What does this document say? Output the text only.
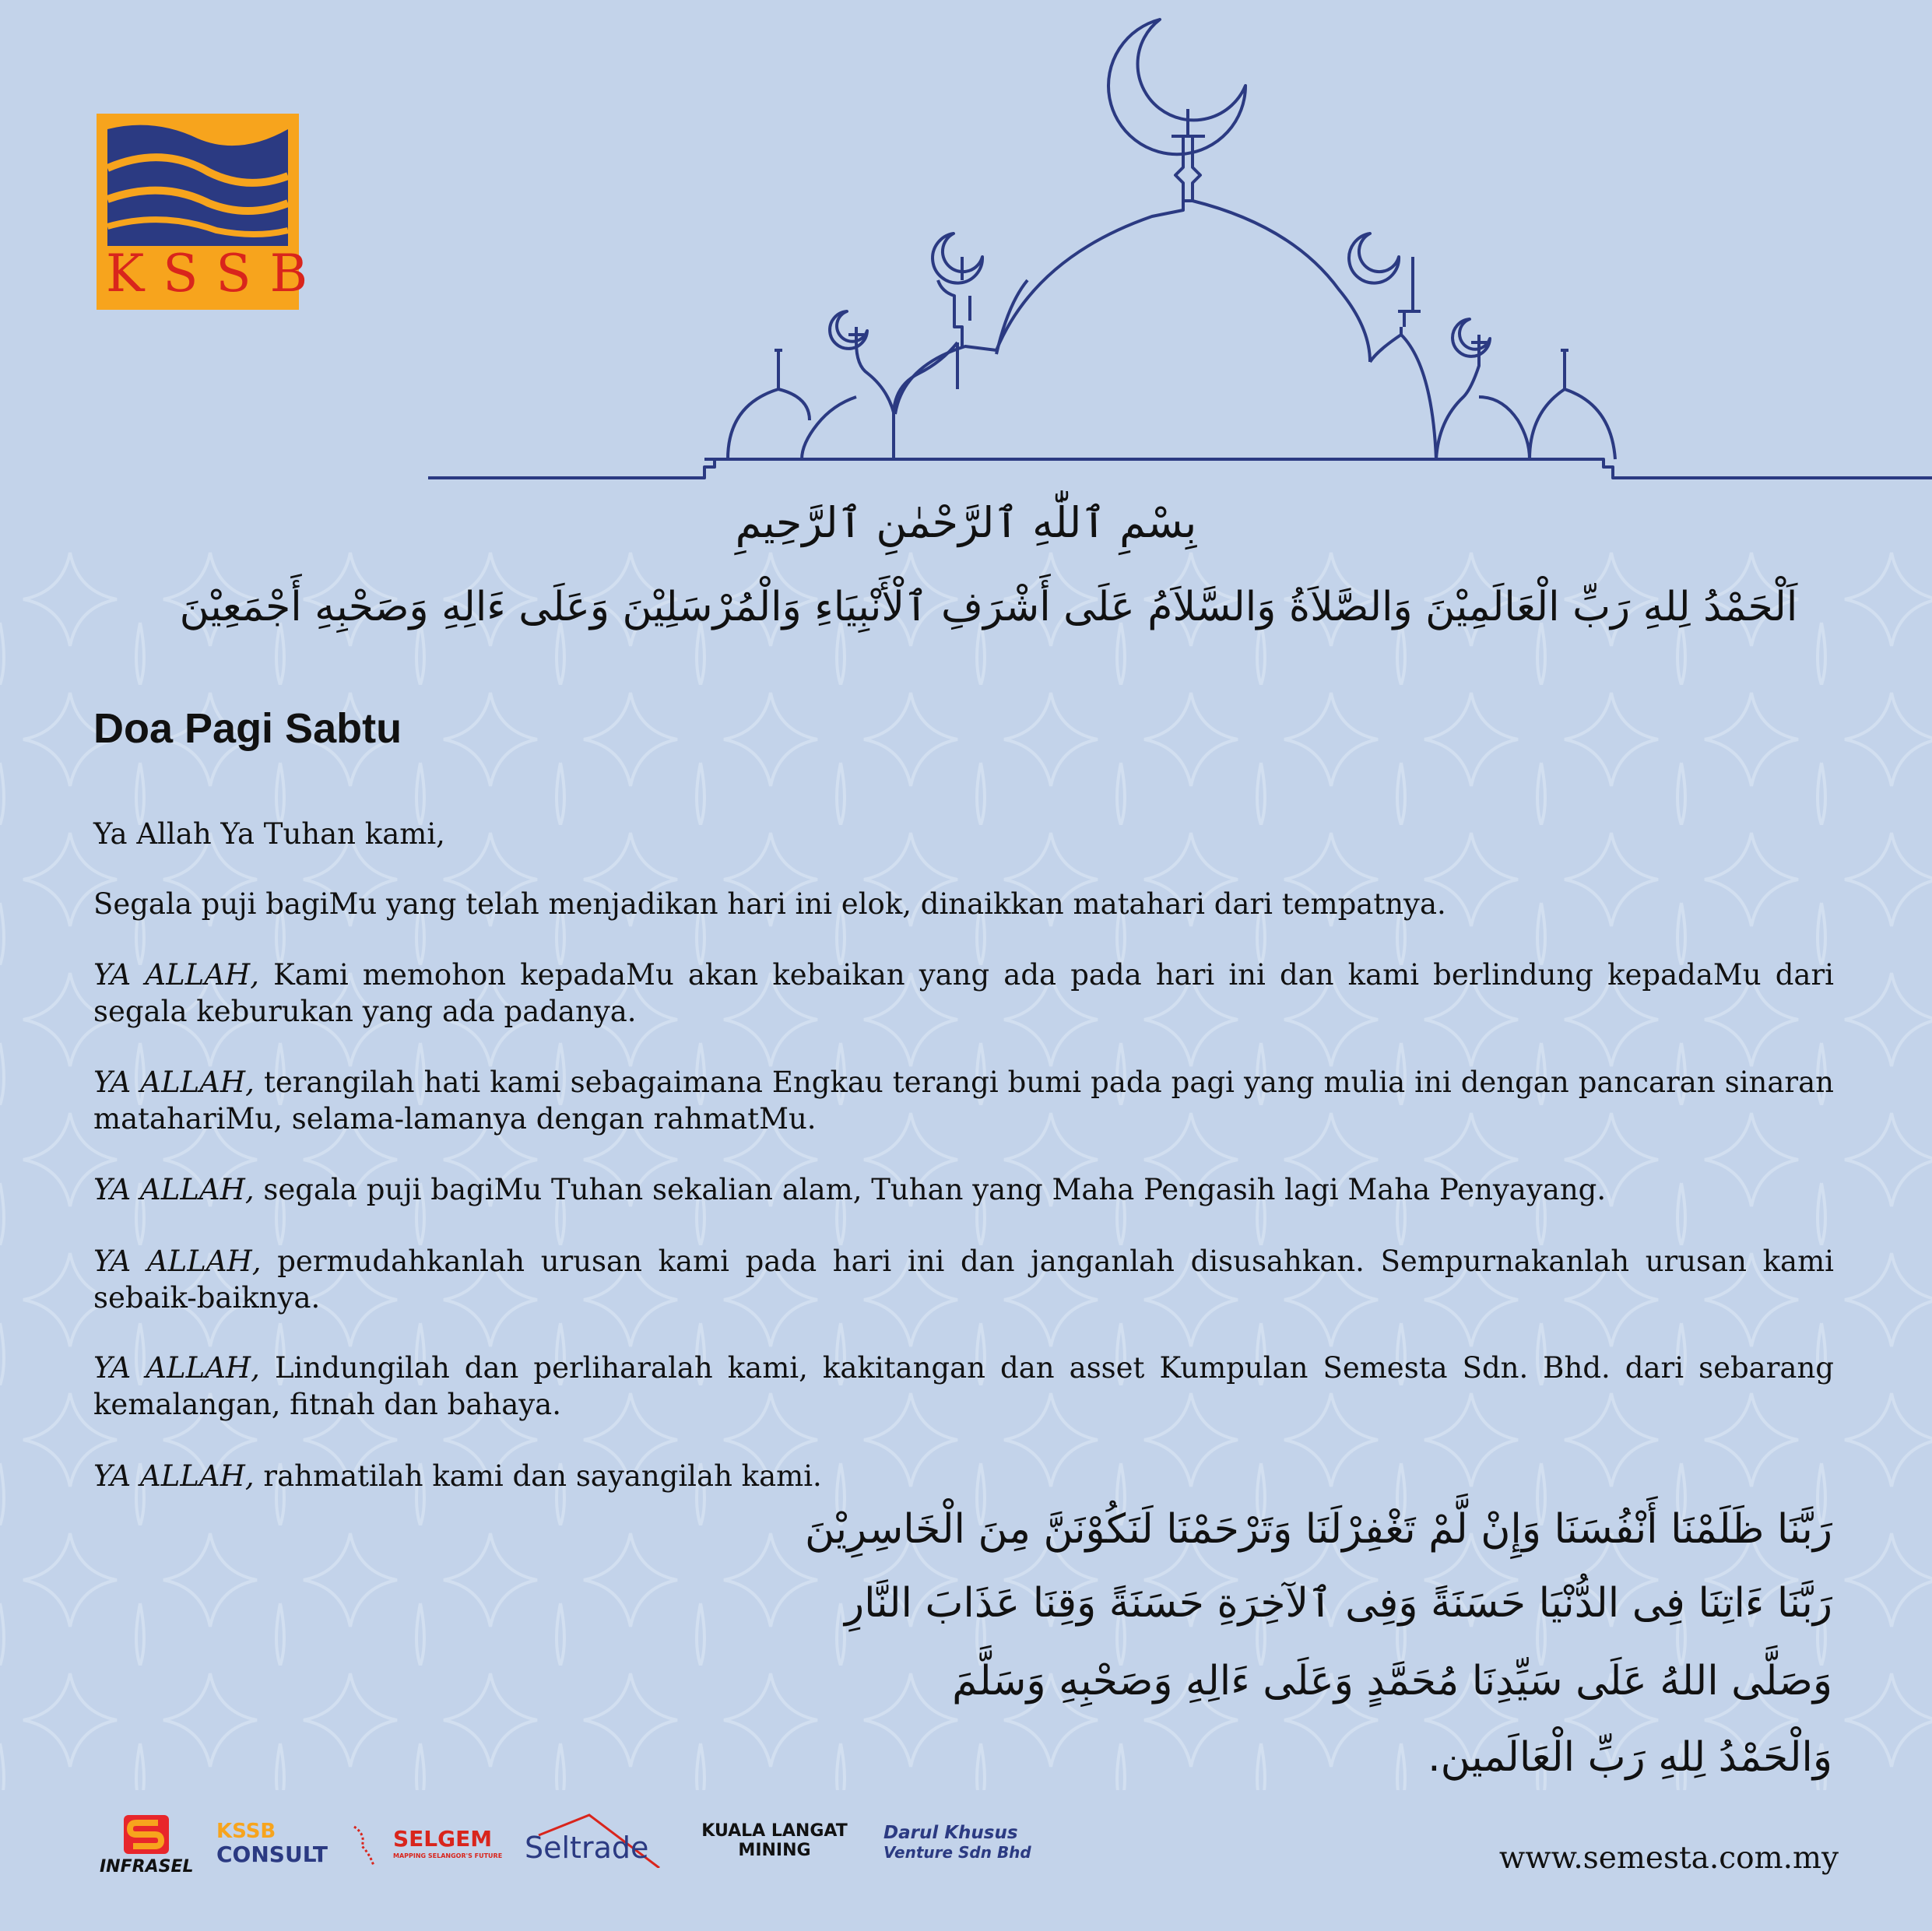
KSSB
بِسْمِ ٱللّٰهِ ٱلرَّحْمٰنِ ٱلرَّحِيمِ
اَلْحَمْدُ لِلهِ رَبِّ الْعَالَمِيْنَ وَالصَّلاَةُ وَالسَّلاَمُ عَلَى أَشْرَفِ ٱلْأَنْبِيَاءِ وَالْمُرْسَلِيْنَ وَعَلَى ءَالِهِ وَصَحْبِهِ أَجْمَعِيْنَ
Doa Pagi Sabtu
Ya Allah Ya Tuhan kami,
Segala puji bagiMu yang telah menjadikan hari ini elok, dinaikkan matahari dari tempatnya.
YA ALLAH, Kami memohon kepadaMu akan kebaikan yang ada pada hari ini dan kami berlindung kepadaMu dari segala keburukan yang ada padanya.
YA ALLAH, terangilah hati kami sebagaimana Engkau terangi bumi pada pagi yang mulia ini dengan pancaran sinaran matahariMu, selama-lamanya dengan rahmatMu.
YA ALLAH, segala puji bagiMu Tuhan sekalian alam, Tuhan yang Maha Pengasih lagi Maha Penyayang.
YA ALLAH, permudahkanlah urusan kami pada hari ini dan janganlah disusahkan. Sempurnakanlah urusan kami sebaik-baiknya.
YA ALLAH, Lindungilah dan perliharalah kami, kakitangan dan asset Kumpulan Semesta Sdn. Bhd. dari sebarang kemalangan, fitnah dan bahaya.
YA ALLAH, rahmatilah kami dan sayangilah kami.
رَبَّنَا ظَلَمْنَا أَنْفُسَنَا وَإِنْ لَّمْ تَغْفِرْلَنَا وَتَرْحَمْنَا لَنَكُوْنَنَّ مِنَ الْخَاسِرِيْنَ
رَبَّنَا ءَاتِنَا فِى الدُّنْيَا حَسَنَةً وَفِى ٱلآخِرَةِ حَسَنَةً وَقِنَا عَذَابَ النَّارِ
وَصَلَّى اللهُ عَلَى سَيِّدِنَا مُحَمَّدٍ وَعَلَى ءَالِهِ وَصَحْبِهِ وَسَلَّمَ
وَالْحَمْدُ لِلهِ رَبِّ الْعَالَمين.
INFRASEL
KSSB
CONSULT
SELGEM
MAPPING SELANGOR'S FUTURE Seltrade	KUALA LANGAT
MINING
Darul Khusus
Venture Sdn Bhd	www.semesta.com.my
